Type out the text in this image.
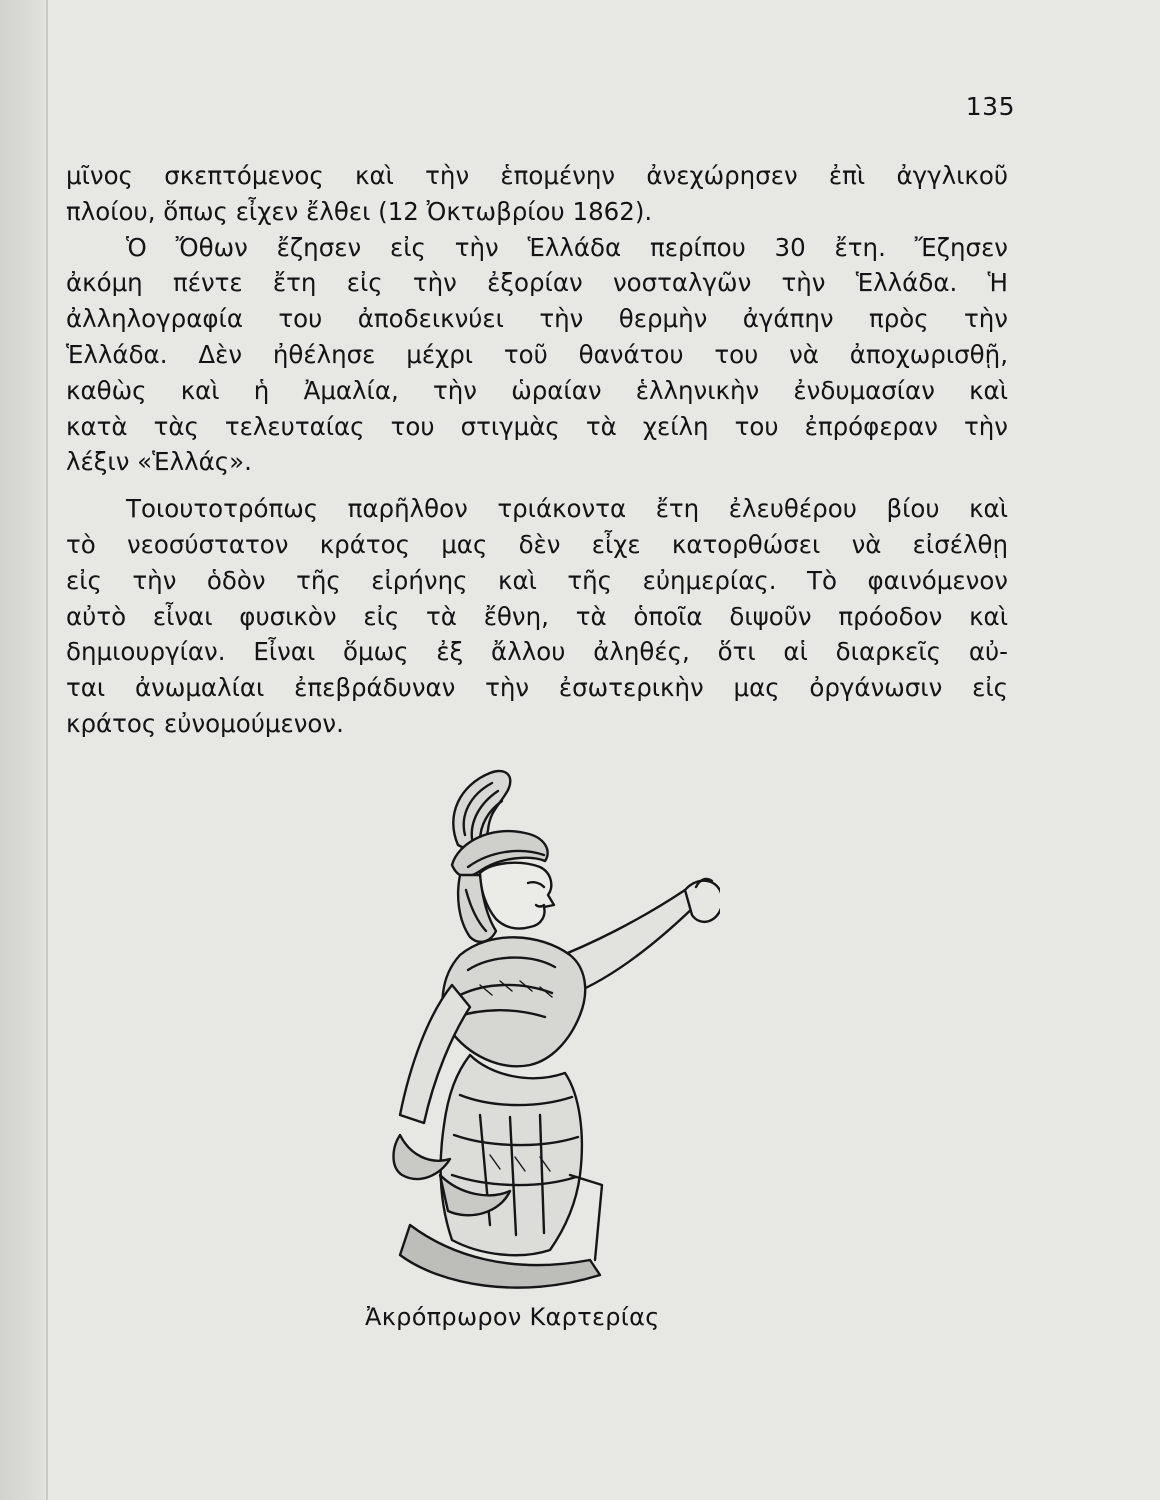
135
μῖνος σκεπτόμενος καὶ τὴν ἑπομένην ἀνεχώρησεν ἐπὶ ἀγγλικοῦ
πλοίου, ὅπως εἶχεν ἔλθει (12 Ὀκτωβρίου 1862).
Ὁ Ὄθων ἔζησεν εἰς τὴν Ἑλλάδα περίπου 30 ἔτη. Ἔζησεν
ἀκόμη πέντε ἔτη εἰς τὴν ἐξορίαν νοσταλγῶν τὴν Ἑλλάδα. Ἡ
ἀλληλογραφία του ἀποδεικνύει τὴν θερμὴν ἀγάπην πρὸς τὴν
Ἑλλάδα. Δὲν ἠθέλησε μέχρι τοῦ θανάτου του νὰ ἀποχωρισθῇ,
καθὼς καὶ ἡ Ἀμαλία, τὴν ὡραίαν ἑλληνικὴν ἐνδυμασίαν καὶ
κατὰ τὰς τελευταίας του στιγμὰς τὰ χείλη του ἐπρόφεραν τὴν
λέξιν «Ἑλλάς».
Τοιουτοτρόπως παρῆλθον τριάκοντα ἔτη ἐλευθέρου βίου καὶ
τὸ νεοσύστατον κράτος μας δὲν εἶχε κατορθώσει νὰ εἰσέλθῃ
εἰς τὴν ὁδὸν τῆς εἰρήνης καὶ τῆς εὐημερίας. Τὸ φαινόμενον
αὐτὸ εἶναι φυσικὸν εἰς τὰ ἔθνη, τὰ ὁποῖα διψοῦν πρόοδον καὶ
δημιουργίαν. Εἶναι ὅμως ἐξ ἄλλου ἀληθές, ὅτι αἱ διαρκεῖς αὐ-
ται ἀνωμαλίαι ἐπεβράδυναν τὴν ἐσωτερικὴν μας ὀργάνωσιν εἰς
κράτος εὐνομούμενον.
Ἀκρόπρωρον Καρτερίας
